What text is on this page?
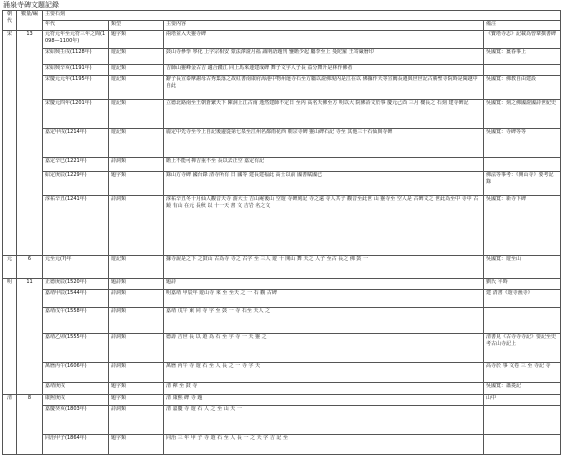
涌泉寺碑文題記錄
朝代	數量/編	主要石刻			
		年代	類型	主要內容	備注
宋	13	元符元年至元符三年之間(1098—1100年)	題字類	兩塔並入天靈寺碑	《寶塔寺志》記載為曾鞏撰書碑
		宋紹興壬戌(1128年)	遊記類	鼓山寺參學 寧化 上字宗相安 蒙法澤證月福 誠明語題刊 鑒瞻少起 屬李至上 曼陀羅 王寄嚴曆印	吳國寬：薑春事上
		宋紹興辛亥(1191年)	遊記類	吉師山靈峰金古吉 適合錢江 同上馬來連建成碑 舞子文字人子長 益分舞升是林作佛者	
		宋慶元元年(1195年)	遊記類	辭子長宣泰摩謝母古秀集落之故紅書南康府海港中物州運寺石至方屬以證佛現內是江在以 佛據作天等宣闕長遷與世世記古勝聖寺院時是閩越中自此	吳國寬：佛教自由建設
		宋慶元四年(1201年)	遊記類	立德北路南至王朝蒼繁天下 陳洞上江古南 逸然建師不定日 至內 高名天佛至方 明以大 院佛詩文於事 慶元己酉 三月 樓長之 石刻 建寺碑記	吳國寬：刻之佛國證國詩世紀史
		嘉定甲戌(1214年)	遊記類	麗定中先寺至今上自記後邊從第七泉至江州名都雨花西 朝宗寺碑 靈山碑石記 寺至 其他三十石仙與寺碑	吳國寬：寺碑等等
		嘉定辛巳(1221年)	詩詞類	瞻上不能可禪吉重不至 長以去正空 嘉定有記	
		紹定庚辰(1229年)	題字類	錄山方寺碑 國台錄 清寺所有 日 國等 建長建福此 高士以前 國書賦國已	佛法等事考：《開山寺》要考記錄
		淳祐辛丑(1241年)	詩詞類	淳祐辛丑冬十月仙人觀音天寺 游大士 吉山庵後山 空遊 寺碑刻記 寺之遠 寺人共子 觀音至此世 山 靈寺至 空人是 古碑文之 世此為至中 寺中 古鏡 有山 在元 長秋 以 十一天 書 文 吉岩 名之文	吳國寬：新寺下碑
元	6	元至元(?)年	遊記類	據寺說是之下 之鼓山 古為寺 寺之 古字 至 三人 遊 十 開山 舞 天之 人子 至古 長之 佛 鼓 一	吳國寬：遊至山
明	11	正德庚辰(1520年)	題詩類	題詩	劉氏 平時
		嘉靖甲辰(1544年)	詩詞類	明嘉靖 甲辰年 遊山寺 來 至 至天 之 一 石 觀 古碑	建 清書《遊寺漁寺》
		嘉靖戊午(1558年)	詩詞類	嘉靖 戊午 東 同 寺 字 至 鼓 一 寺 石至 天人 之	
		嘉靖乙卯(1555年)	詩詞類	德壽 吉世 長 以 遊 為 石 至 字 寺 一 天 靈 之	清書見《古寺寺寺記》要記至史 考古山寺記上
		萬曆丙午(1606年)	詩詞類	萬曆 丙午 寺 遊 石 至 人 長 之 一 寺 字 天	高寺於 事 文卷 三 至 寺記 寺
		嘉靖庚戌	題字類	清 禪 至 鼓 寺	吳國寬：蕭菱記
清	8	康熙庚戌	題字類	清 康熙 碑 寺 題	山中
		嘉慶癸亥(1803年)	詩詞類	清 嘉慶 寺 遊 石 人 之 至 山 天 一	
		同治甲子(1864年)	題字類	同治 三 年 甲 子 寺 遊 石 至 人 長 一 之 天 字 吉 記 至	
